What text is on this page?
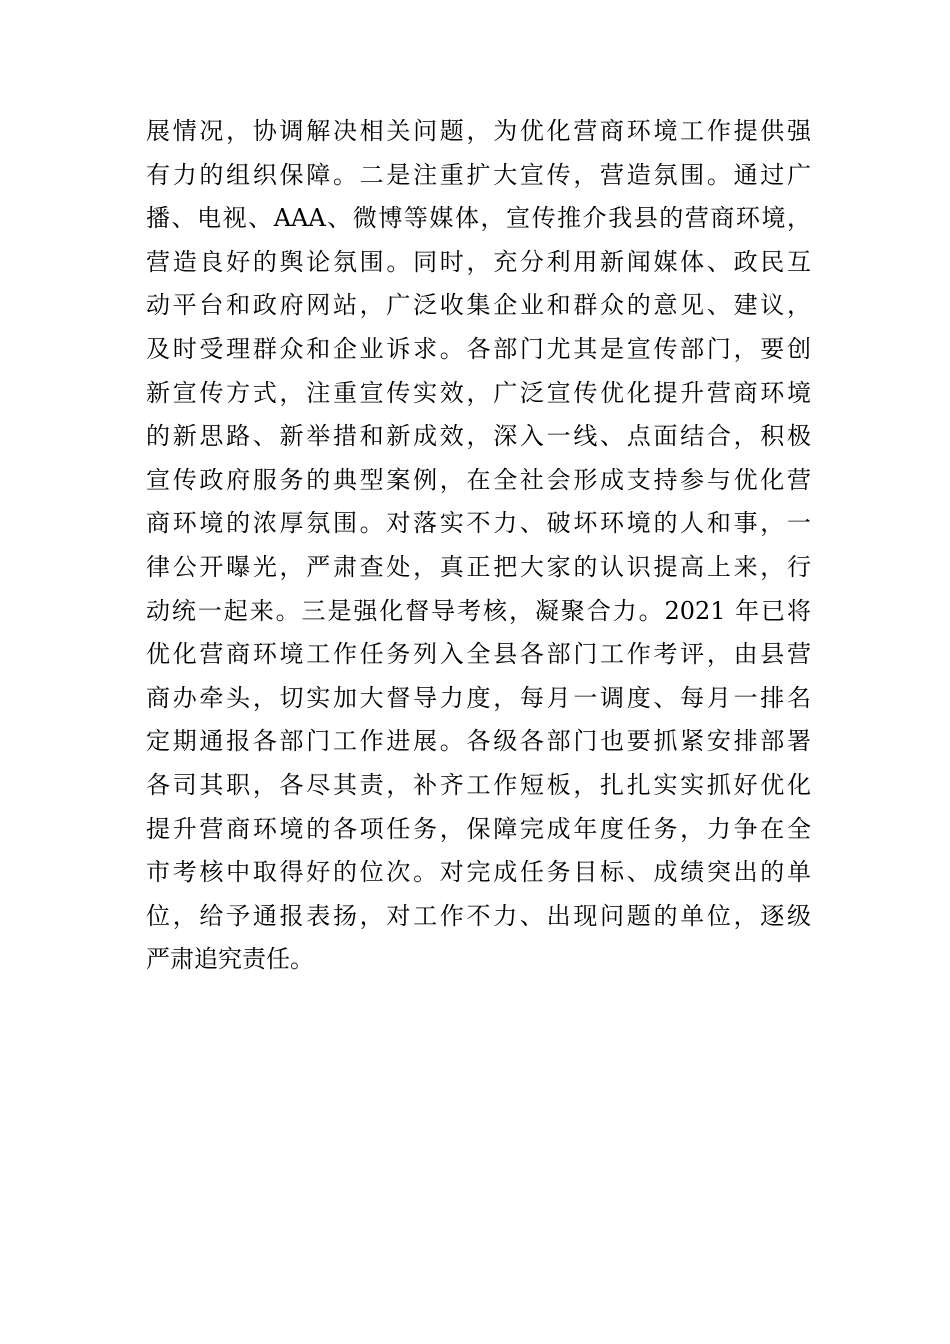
展情况，协调解决相关问题，为优化营商环境工作提供强
有力的组织保障。二是注重扩大宣传，营造氛围。通过广
播、电视、AAA、微博等媒体，宣传推介我县的营商环境，
营造良好的舆论氛围。同时，充分利用新闻媒体、政民互
动平台和政府网站，广泛收集企业和群众的意见、建议，
及时受理群众和企业诉求。各部门尤其是宣传部门，要创
新宣传方式，注重宣传实效，广泛宣传优化提升营商环境
的新思路、新举措和新成效，深入一线、点面结合，积极
宣传政府服务的典型案例，在全社会形成支持参与优化营
商环境的浓厚氛围。对落实不力、破坏环境的人和事，一
律公开曝光，严肃查处，真正把大家的认识提高上来，行
动统一起来。三是强化督导考核，凝聚合力。2021 年已将
优化营商环境工作任务列入全县各部门工作考评，由县营
商办牵头，切实加大督导力度，每月一调度、每月一排名
定期通报各部门工作进展。各级各部门也要抓紧安排部署
各司其职，各尽其责，补齐工作短板，扎扎实实抓好优化
提升营商环境的各项任务，保障完成年度任务，力争在全
市考核中取得好的位次。对完成任务目标、成绩突出的单
位，给予通报表扬，对工作不力、出现问题的单位，逐级
严肃追究责任。
